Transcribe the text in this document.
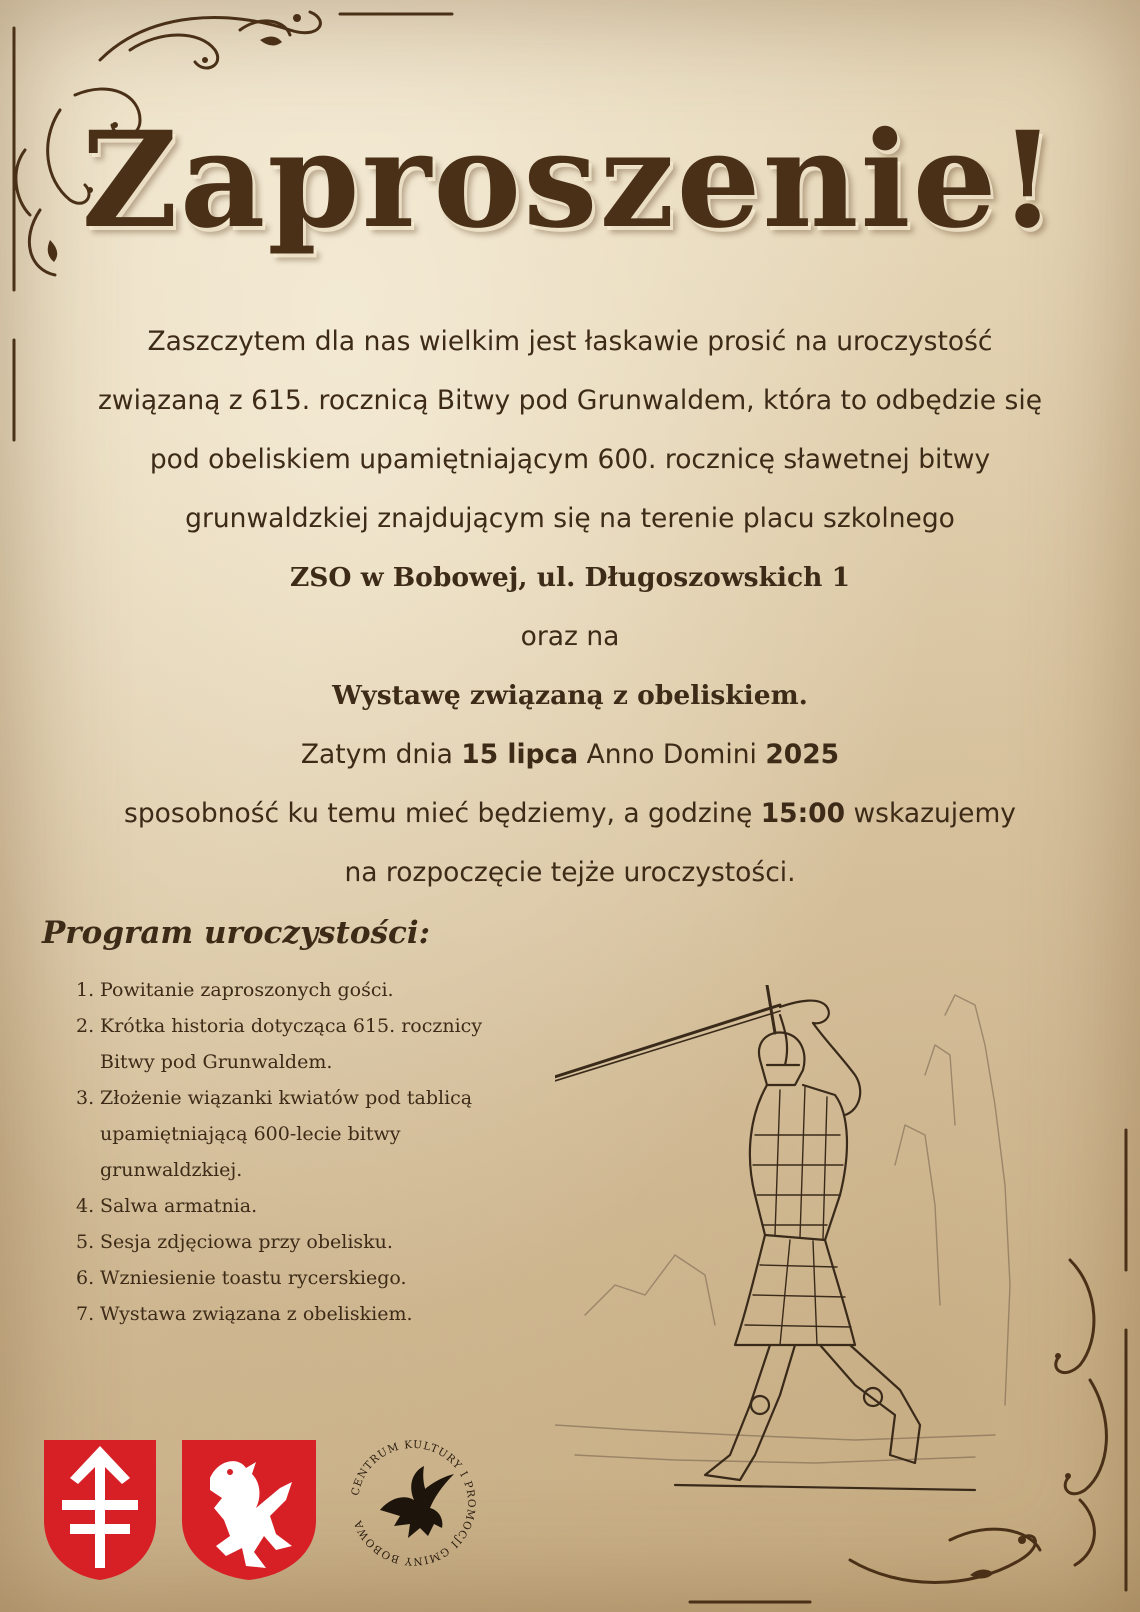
Zaproszenie!
Zaszczytem dla nas wielkim jest łaskawie prosić na uroczystość
związaną z 615. rocznicą Bitwy pod Grunwaldem, która to odbędzie się
pod obeliskiem upamiętniającym 600. rocznicę sławetnej bitwy
grunwaldzkiej znajdującym się na terenie placu szkolnego
ZSO w Bobowej, ul. Długoszowskich 1
oraz na
Wystawę związaną z obeliskiem.
Zatym dnia 15 lipca Anno Domini 2025
sposobność ku temu mieć będziemy, a godzinę 15:00 wskazujemy
na rozpoczęcie tejże uroczystości.
Program uroczystości:
1. Powitanie zaproszonych gości.
2. Krótka historia dotycząca 615. rocznicy Bitwy pod Grunwaldem.
3. Złożenie wiązanki kwiatów pod tablicą upamiętniającą 600-lecie bitwy grunwaldzkiej.
4. Salwa armatnia.
5. Sesja zdjęciowa przy obelisku.
6. Wzniesienie toastu rycerskiego.
7. Wystawa związana z obeliskiem.
CENTRUM KULTURY I PROMOCJI GMINY BOBOWA
